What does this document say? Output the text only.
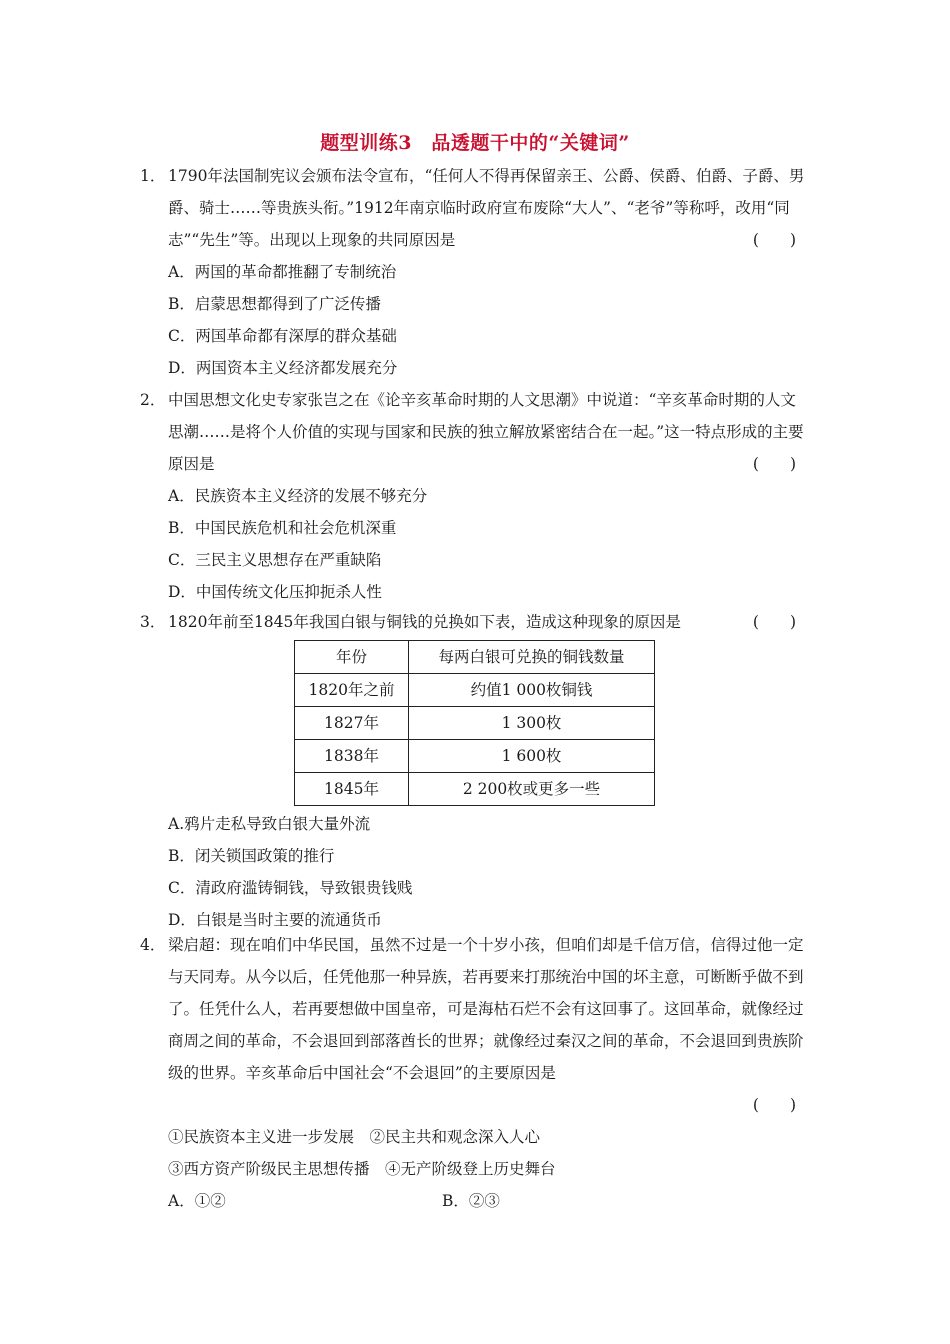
题型训练3　品透题干中的“关键词”
1． 1790年法国制宪议会颁布法令宣布，“任何人不得再保留亲王、公爵、侯爵、伯爵、子爵、男爵、骑士……等贵族头衔。”1912年南京临时政府宣布废除“大人”、“老爷”等称呼，改用“同志”“先生”等。出现以上现象的共同原因是	(　　)
A．两国的革命都推翻了专制统治
B．启蒙思想都得到了广泛传播
C．两国革命都有深厚的群众基础
D．两国资本主义经济都发展充分
2． 中国思想文化史专家张岂之在《论辛亥革命时期的人文思潮》中说道：“辛亥革命时期的人文思潮……是将个人价值的实现与国家和民族的独立解放紧密结合在一起。”这一特点形成的主要原因是	(　　)
A．民族资本主义经济的发展不够充分
B．中国民族危机和社会危机深重
C．三民主义思想存在严重缺陷
D．中国传统文化压抑扼杀人性
3． 1820年前至1845年我国白银与铜钱的兑换如下表，造成这种现象的原因是	(　　)
年份	每两白银可兑换的铜钱数量
1820年之前	约值1 000枚铜钱
1827年	1 300枚
1838年	1 600枚
1845年	2 200枚或更多一些
A.鸦片走私导致白银大量外流
B．闭关锁国政策的推行
C．清政府滥铸铜钱，导致银贵钱贱
D．白银是当时主要的流通货币
4． 梁启超：现在咱们中华民国，虽然不过是一个十岁小孩，但咱们却是千信万信，信得过他一定与天同寿。从今以后，任凭他那一种异族，若再要来打那统治中国的坏主意，可断断乎做不到了。任凭什么人，若再要想做中国皇帝，可是海枯石烂不会有这回事了。这回革命，就像经过商周之间的革命，不会退回到部落酋长的世界；就像经过秦汉之间的革命，不会退回到贵族阶级的世界。辛亥革命后中国社会“不会退回”的主要原因是
(　　)
①民族资本主义进一步发展　②民主共和观念深入人心
③西方资产阶级民主思想传播　④无产阶级登上历史舞台
A．①②	B．②③
